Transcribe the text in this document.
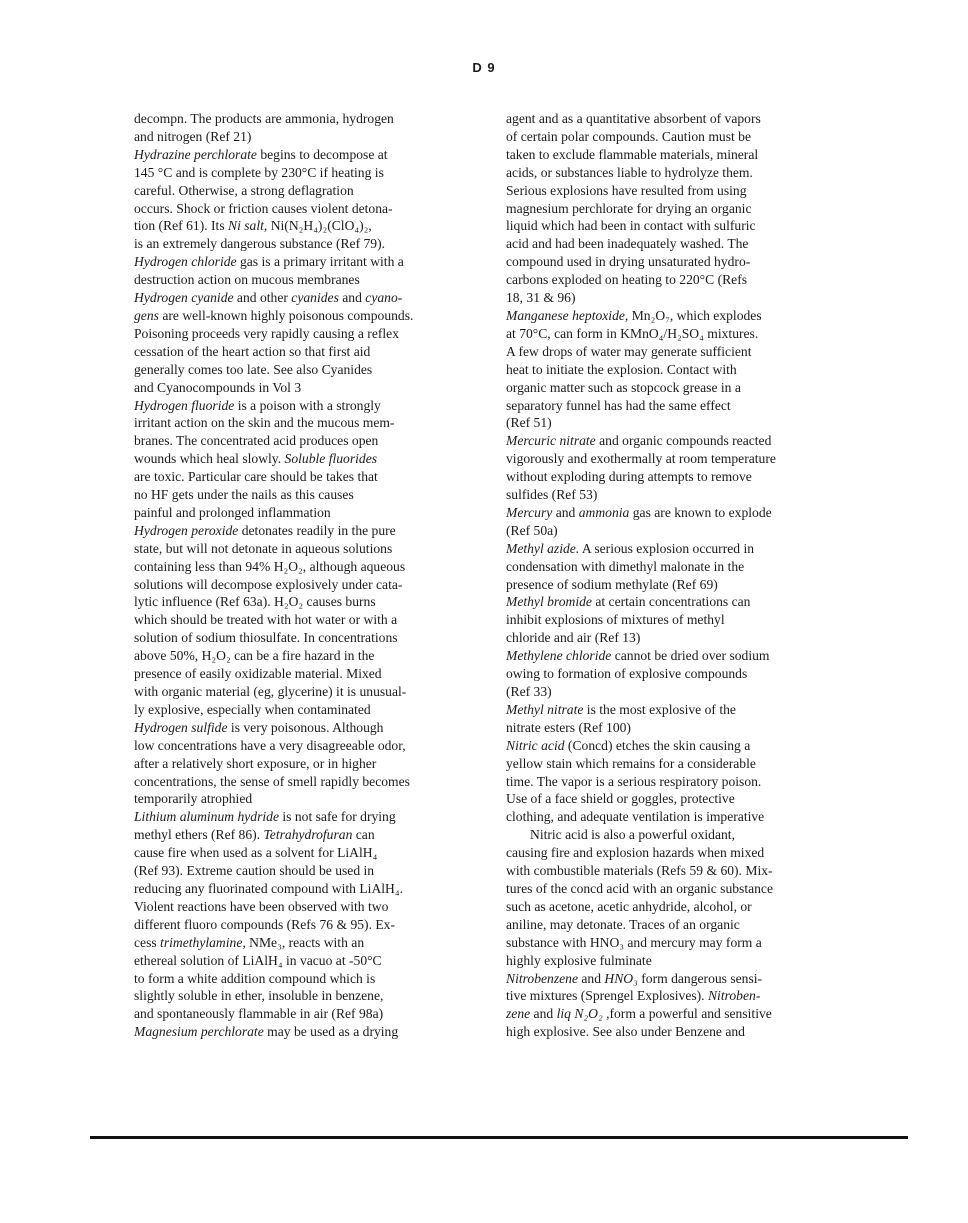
D 9
decompn. The products are ammonia, hydrogen
and nitrogen (Ref 21)
Hydrazine perchlorate begins to decompose at
145 °C and is complete by 230°C if heating is
careful. Otherwise, a strong deflagration
occurs. Shock or friction causes violent detona-
tion (Ref 61). Its Ni salt, Ni(N₂H₄)₂(ClO₄)₂,
is an extremely dangerous substance (Ref 79).
Hydrogen chloride gas is a primary irritant with a
destruction action on mucous membranes
Hydrogen cyanide and other cyanides and cyano-
gens are well-known highly poisonous compounds.
Poisoning proceeds very rapidly causing a reflex
cessation of the heart action so that first aid
generally comes too late. See also Cyanides
and Cyanocompounds in Vol 3
Hydrogen fluoride is a poison with a strongly
irritant action on the skin and the mucous mem-
branes. The concentrated acid produces open
wounds which heal slowly. Soluble fluorides
are toxic. Particular care should be takes that
no HF gets under the nails as this causes
painful and prolonged inflammation
Hydrogen peroxide detonates readily in the pure
state, but will not detonate in aqueous solutions
containing less than 94% H₂O₂, although aqueous
solutions will decompose explosively under cata-
lytic influence (Ref 63a). H₂O₂ causes burns
which should be treated with hot water or with a
solution of sodium thiosulfate. In concentrations
above 50%, H₂O₂ can be a fire hazard in the
presence of easily oxidizable material. Mixed
with organic material (eg, glycerine) it is unusual-
ly explosive, especially when contaminated
Hydrogen sulfide is very poisonous. Although
low concentrations have a very disagreeable odor,
after a relatively short exposure, or in higher
concentrations, the sense of smell rapidly becomes
temporarily atrophied
Lithium aluminum hydride is not safe for drying
methyl ethers (Ref 86). Tetrahydrofuran can
cause fire when used as a solvent for LiAlH₄
(Ref 93). Extreme caution should be used in
reducing any fluorinated compound with LiAlH₄.
Violent reactions have been observed with two
different fluoro compounds (Refs 76 & 95). Ex-
cess trimethylamine, NMe₃, reacts with an
ethereal solution of LiAlH₄ in vacuo at -50°C
to form a white addition compound which is
slightly soluble in ether, insoluble in benzene,
and spontaneously flammable in air (Ref 98a)
Magnesium perchlorate may be used as a drying
agent and as a quantitative absorbent of vapors
of certain polar compounds. Caution must be
taken to exclude flammable materials, mineral
acids, or substances liable to hydrolyze them.
Serious explosions have resulted from using
magnesium perchlorate for drying an organic
liquid which had been in contact with sulfuric
acid and had been inadequately washed. The
compound used in drying unsaturated hydro-
carbons exploded on heating to 220°C (Refs
18, 31 & 96)
Manganese heptoxide, Mn₂O₇, which explodes
at 70°C, can form in KMnO₄/H₂SO₄ mixtures.
A few drops of water may generate sufficient
heat to initiate the explosion. Contact with
organic matter such as stopcock grease in a
separatory funnel has had the same effect
(Ref 51)
Mercuric nitrate and organic compounds reacted
vigorously and exothermally at room temperature
without exploding during attempts to remove
sulfides (Ref 53)
Mercury and ammonia gas are known to explode
(Ref 50a)
Methyl azide. A serious explosion occurred in
condensation with dimethyl malonate in the
presence of sodium methylate (Ref 69)
Methyl bromide at certain concentrations can
inhibit explosions of mixtures of methyl
chloride and air (Ref 13)
Methylene chloride cannot be dried over sodium
owing to formation of explosive compounds
(Ref 33)
Methyl nitrate is the most explosive of the
nitrate esters (Ref 100)
Nitric acid (Concd) etches the skin causing a
yellow stain which remains for a considerable
time. The vapor is a serious respiratory poison.
Use of a face shield or goggles, protective
clothing, and adequate ventilation is imperative
Nitric acid is also a powerful oxidant,
causing fire and explosion hazards when mixed
with combustible materials (Refs 59 & 60). Mix-
tures of the concd acid with an organic substance
such as acetone, acetic anhydride, alcohol, or
aniline, may detonate. Traces of an organic
substance with HNO₃ and mercury may form a
highly explosive fulminate
Nitrobenzene and HNO₃ form dangerous sensi-
tive mixtures (Sprengel Explosives). Nitroben-
zene and liq N₂O₂ ,form a powerful and sensitive
high explosive. See also under Benzene and
